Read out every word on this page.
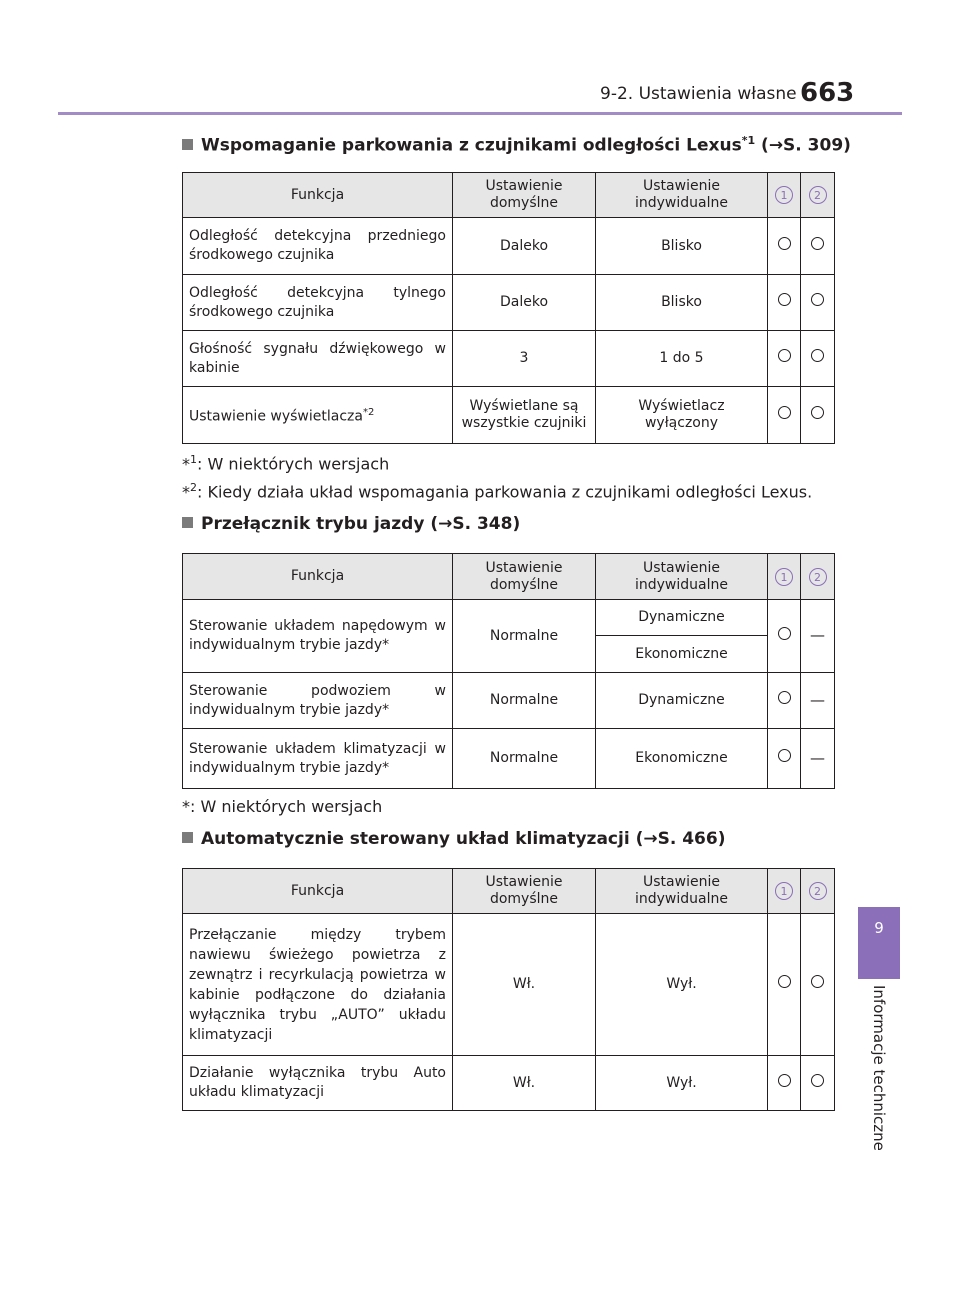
9-2. Ustawienia własne 663
9
Informacje techniczne
Wspomaganie parkowania z czujnikami odległości Lexus$^{*1}$ (→S. 309)
Funkcja	Ustawienie domyślne	Ustawienie indywidualne	1	2
Odległość detekcyjna przedniego środkowego czujnika	Daleko	Blisko		
Odległość detekcyjna tylnego środkowego czujnika	Daleko	Blisko		
Głośność sygnału dźwiękowego w kabinie	3	1 do 5		
Ustawienie wyświetlacza$^{*2}$	Wyświetlane są wszystkie czujniki	Wyświetlacz wyłączony		
*$^1$: W niektórych wersjach
*$^2$: Kiedy działa układ wspomagania parkowania z czujnikami odległości Lexus.
Przełącznik trybu jazdy (→S. 348)
Funkcja	Ustawienie domyślne	Ustawienie indywidualne	1	2
Sterowanie układem napędowym w indywidualnym trybie jazdy*	Normalne	Dynamiczne		—
		Ekonomiczne		
Sterowanie podwoziem w indywidualnym trybie jazdy*	Normalne	Dynamiczne		—
Sterowanie układem klimatyzacji w indywidualnym trybie jazdy*	Normalne	Ekonomiczne		—
*: W niektórych wersjach
Automatycznie sterowany układ klimatyzacji (→S. 466)
Funkcja	Ustawienie domyślne	Ustawienie indywidualne	1	2
Przełączanie między trybem nawiewu świeżego powietrza z zewnątrz i recyrkulacją powietrza w kabinie podłączone do działania wyłącznika trybu „AUTO” układu klimatyzacji	Wł.	Wył.		
Działanie wyłącznika trybu Auto układu klimatyzacji	Wł.	Wył.		
